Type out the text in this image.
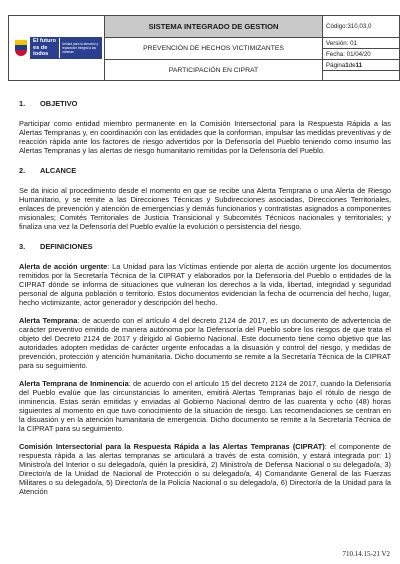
El futuro es de todos
Unidad para la atención y reparación integral a las víctimas
SISTEMA INTEGRADO DE GESTION
PREVENCIÓN DE HECHOS VICTIMIZANTES
PARTICIPACIÓN EN CIPRAT
Código:310,03,0
Versión: 01
Fecha: 01/04/20
Página 1 de 11
1.	OBJETIVO

Participar como entidad miembro permanente en la Comisión Intersectorial para la Respuesta Rápida a las Alertas Tempranas y, en coordinación con las entidades que la conforman, impulsar las medidas preventivas y de reacción rápida ante los factores de riesgo advertidos por la Defensoría del Pueblo teniendo como insumo las Alertas Tempranas y las alertas de riesgo humanitario remitidas por la Defensoría del Pueblo.

2.	ALCANCE

Se da inicio al procedimiento desde el momento en que se recibe una Alerta Temprana o una Alerta de Riesgo Humanitario, y se remite a las Direcciones Técnicas y Subdirecciones asociadas, Direcciones Territoriales, enlaces de prevención y atención de emergencias y demás funcionarios y contratistas asignados a componentes misionales; Comités Territoriales de Justicia Transicional y Subcomités Técnicos nacionales y territoriales; y finaliza una vez la Defensoría del Pueblo evalúe la evolución o persistencia del riesgo.

3.	DEFINICIONES

Alerta de acción urgente: La Unidad para las Víctimas entiende por alerta de acción urgente los documentos remitidos por la Secretaría Técnica de la CIPRAT y elaborados por la Defensoría del Pueblo o entidades de la CIPRAT dónde se informa de situaciones que vulneran los derechos a la vida, libertad, integridad y seguridad personal de alguna población o territorio. Estos documentos evidencian la fecha de ocurrencia del hecho, lugar, hecho victimizante, actor generador y descripción del hecho.

Alerta Temprana: de acuerdo con el artículo 4 del decreto 2124 de 2017, es un documento de advertencia de carácter preventivo emitido de manera autónoma por la Defensoría del Pueblo sobre los riesgos de que trata el objeto del Decreto 2124 de 2017 y dirigido al Gobierno Nacional. Este documento tiene como objetivo que las autoridades adopten medidas de carácter urgente enfocadas a la disuasión y control del riesgo, y medidas de prevención, protección y atención humanitaria. Dicho documento se remite a la Secretaría Técnica de la CIPRAT para su seguimiento.

Alerta Temprana de Inminencia: de acuerdo con el artículo 15 del decreto 2124 de 2017, cuando la Defensoría del Pueblo evalúe que las circunstancias lo ameriten, emitirá Alertas Tempranas bajo el rótulo de riesgo de inminencia. Estas serán emitidas y enviadas al Gobierno Nacional dentro de las cuarenta y ocho (48) horas siguientes al momento en que tuvo conocimiento de la situación de riesgo. Las recomendaciones se centran en la disuasión y en la atención humanitaria de emergencia. Dicho documento se remite a la Secretaría Técnica de la CIPRAT para su seguimiento.

Comisión Intersectorial para la Respuesta Rápida a las Alertas Tempranas (CIPRAT): el componente de respuesta rápida a las alertas tempranas se articulará a través de esta comisión, y estará integrada por: 1) Ministro/a del Interior o su delegado/a, quién la presidirá, 2) Ministro/a de Defensa Nacional o su delegado/a, 3) Director/a de la Unidad de Nacional de Protección o su delegado/a, 4) Comandante General de las Fuerzas Militares o su delegado/a, 5) Director/a de la Policía Nacional o su delegado/a, 6) Director/a de la Unidad para la Atención

710.14.15-21 V2
